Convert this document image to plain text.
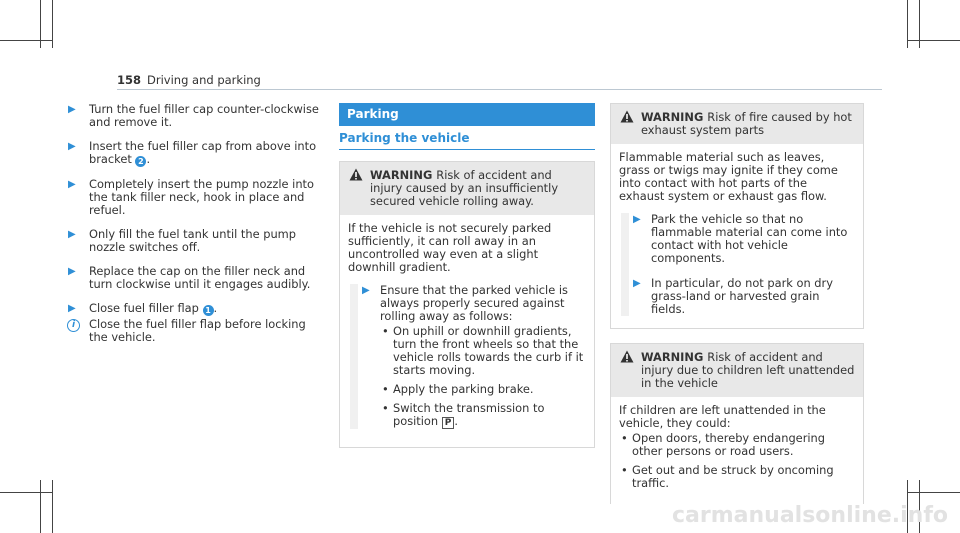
158 Driving and parking
▶ Turn the fuel filler cap counter-clockwise and remove it.
▶ Insert the fuel filler cap from above into bracket 2 .
▶ Completely insert the pump nozzle into the tank filler neck, hook in place and refuel.
▶ Only fill the fuel tank until the pump nozzle switches off.
▶ Replace the cap on the filler neck and turn clockwise until it engages audibly.
▶ Close fuel filler flap 1 .
i	Close the fuel filler flap before locking the vehicle.
Parking
Parking the vehicle
WARNING Risk of accident and injury caused by an insufficiently secured vehicle rolling away.
If the vehicle is not securely parked sufficiently, it can roll away in an uncontrolled way even at a slight downhill gradient.
▶ Ensure that the parked vehicle is always properly secured against rolling away as follows:
• On uphill or downhill gradients, turn the front wheels so that the vehicle rolls towards the curb if it starts moving.
• Apply the parking brake.
• Switch the transmission to position P .
WARNING Risk of fire caused by hot exhaust system parts
Flammable material such as leaves, grass or twigs may ignite if they come into contact with hot parts of the exhaust system or exhaust gas flow.
▶ Park the vehicle so that no flammable material can come into contact with hot vehicle components.
▶ In particular, do not park on dry grass-land or harvested grain fields.
WARNING Risk of accident and injury due to children left unattended in the vehicle
If children are left unattended in the vehicle, they could:
• Open doors, thereby endangering other persons or road users.
• Get out and be struck by oncoming traffic.
carmanualsonline.info
